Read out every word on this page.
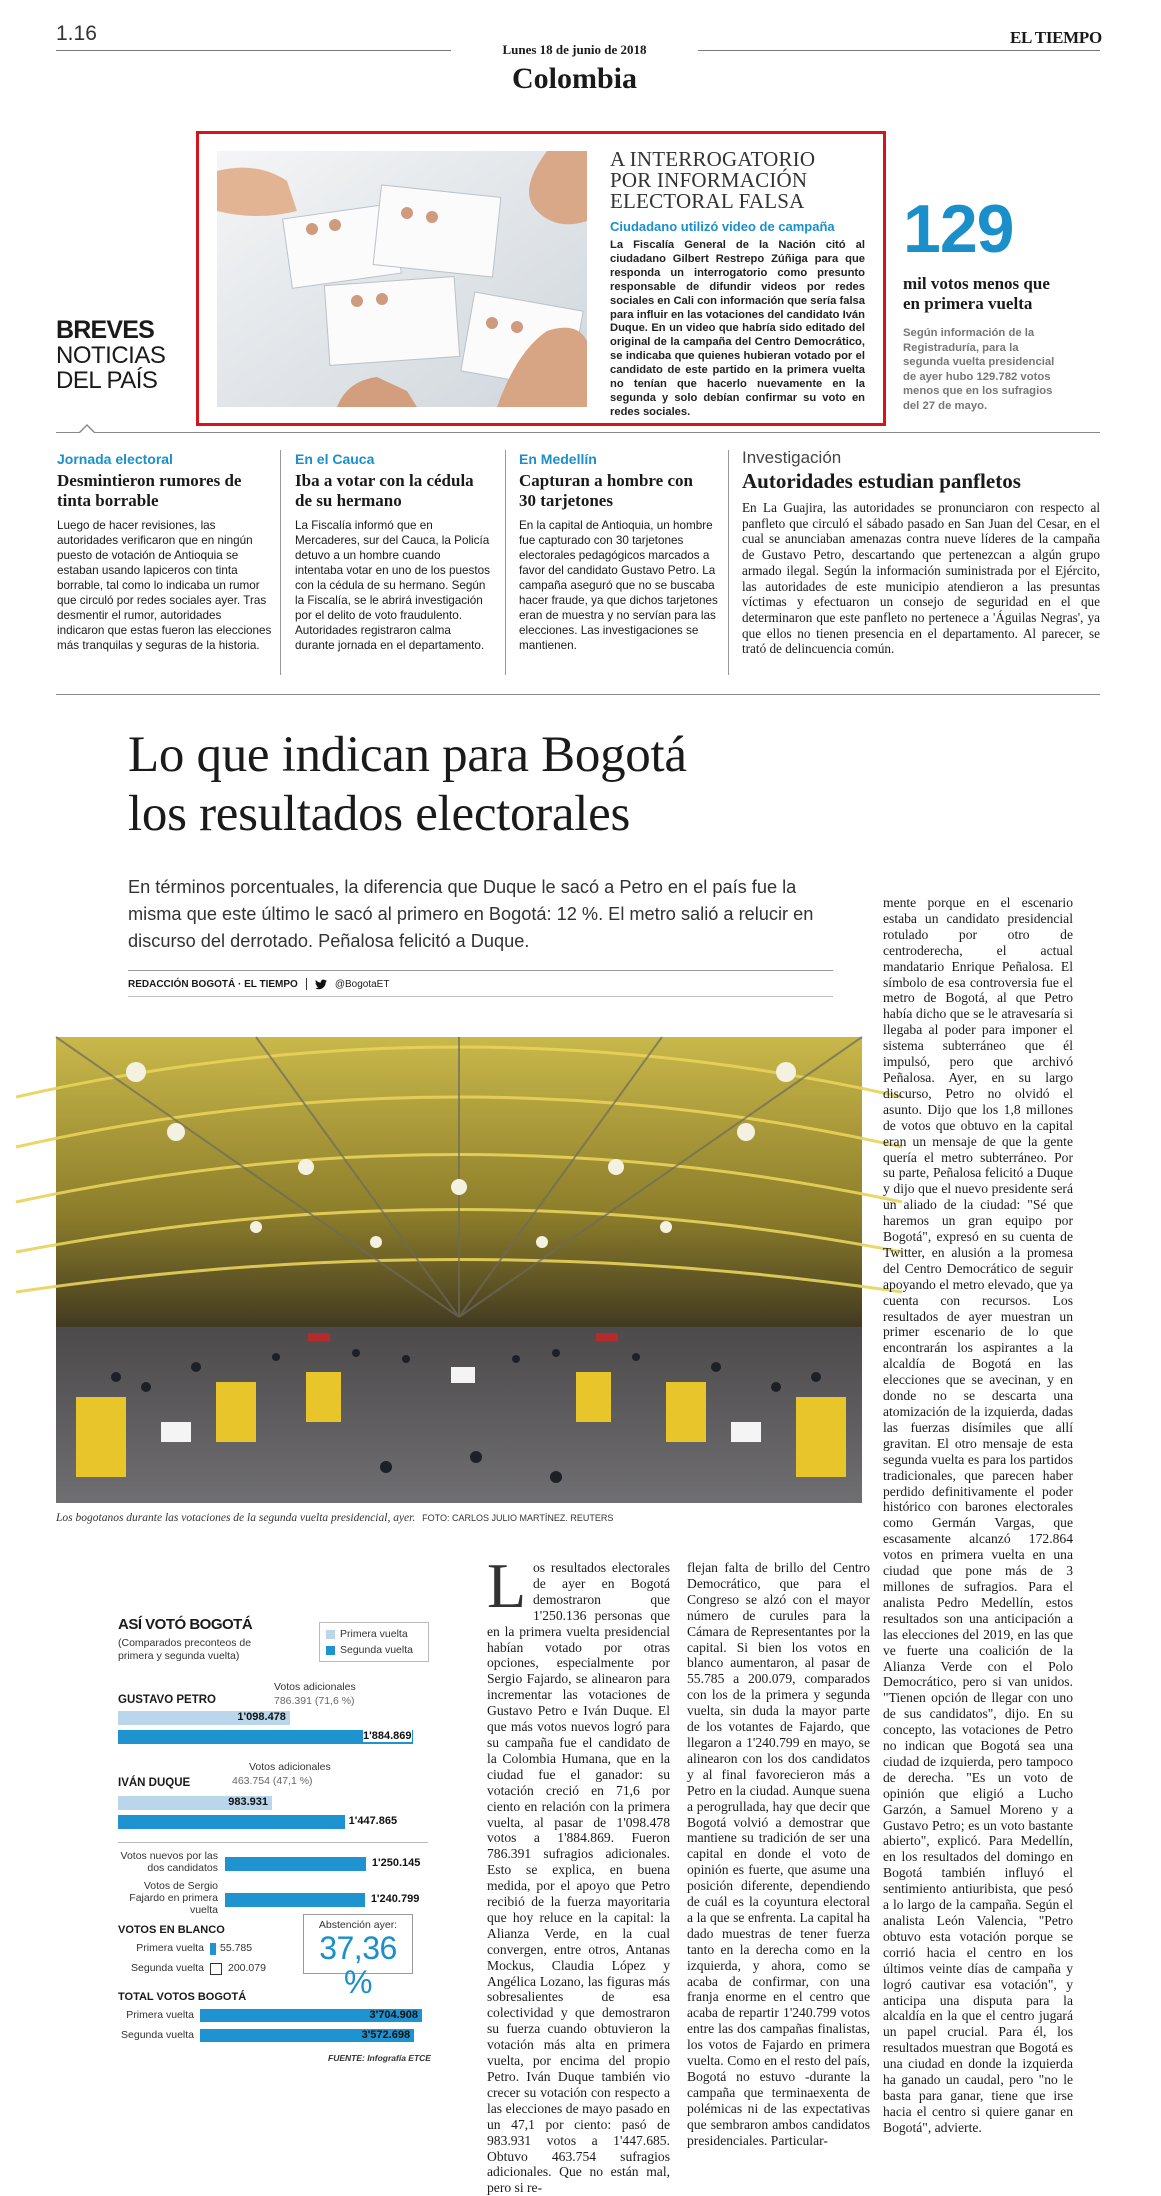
1.16	EL TIEMPO
Lunes 18 de junio de 2018
Colombia
BREVES
NOTICIAS
DEL PAÍS
A INTERROGATORIO
POR INFORMACIÓN
ELECTORAL FALSA
Ciudadano utilizó video de campaña
La Fiscalía General de la Nación citó al ciudadano Gilbert Restrepo Zúñiga para que responda un interrogatorio como presunto responsable de difundir videos por redes sociales en Cali con información que sería falsa para influir en las votaciones del candidato Iván Duque. En un video que habría sido editado del original de la campaña del Centro Democrático, se indicaba que quienes hubieran votado por el candidato de este partido en la primera vuelta no tenían que hacerlo nuevamente en la segunda y solo debían confirmar su voto en redes sociales.
129
mil votos menos que
en primera vuelta
Según información de la Registraduría, para la segunda vuelta presidencial de ayer hubo 129.782 votos menos que en los sufragios del 27 de mayo.
Jornada electoral
Desmintieron rumores de tinta borrable
Luego de hacer revisiones, las autoridades verificaron que en ningún puesto de votación de Antioquia se estaban usando lapiceros con tinta borrable, tal como lo indicaba un rumor que circuló por redes sociales ayer. Tras desmentir el rumor, autoridades indicaron que estas fueron las elecciones más tranquilas y seguras de la historia.
En el Cauca
Iba a votar con la cédula de su hermano
La Fiscalía informó que en Mercaderes, sur del Cauca, la Policía detuvo a un hombre cuando intentaba votar en uno de los puestos con la cédula de su hermano. Según la Fiscalía, se le abrirá investigación por el delito de voto fraudulento. Autoridades registraron calma durante jornada en el departamento.
En Medellín
Capturan a hombre con 30 tarjetones
En la capital de Antioquia, un hombre fue capturado con 30 tarjetones electorales pedagógicos marcados a favor del candidato Gustavo Petro. La campaña aseguró que no se buscaba hacer fraude, ya que dichos tarjetones eran de muestra y no servían para las elecciones. Las investigaciones se mantienen.
Investigación
Autoridades estudian panfletos
En La Guajira, las autoridades se pronunciaron con respecto al panfleto que circuló el sábado pasado en San Juan del Cesar, en el cual se anunciaban amenazas contra nueve líderes de la campaña de Gustavo Petro, descartando que pertenezcan a algún grupo armado ilegal. Según la información suministrada por el Ejército, las autoridades de este municipio atendieron a las presuntas víctimas y efectuaron un consejo de seguridad en el que determinaron que este panfleto no pertenece a 'Águilas Negras', ya que ellos no tienen presencia en el departamento. Al parecer, se trató de delincuencia común.
Lo que indican para Bogotá
los resultados electorales
En términos porcentuales, la diferencia que Duque le sacó a Petro en el país fue la misma que este último le sacó al primero en Bogotá: 12 %. El metro salió a relucir en discurso del derrotado. Peñalosa felicitó a Duque.
REDACCIÓN BOGOTÁ · EL TIEMPO	@BogotaET
Los bogotanos durante las votaciones de la segunda vuelta presidencial, ayer. FOTO: CARLOS JULIO MARTÍNEZ. REUTERS
ASÍ VOTÓ BOGOTÁ
(Comparados preconteos de primera y segunda vuelta)
Primera vuelta
Segunda vuelta
Votos adicionales
786.391 (71,6 %)
GUSTAVO PETRO
1'098.478
1'884.869
Votos adicionales
463.754 (47,1 %)
IVÁN DUQUE
983.931
1'447.865
Votos nuevos por las dos candidatos	1'250.145
Votos de Sergio Fajardo en primera vuelta
1'240.799
VOTOS EN BLANCO
Primera vuelta 55.785
Segunda vuelta 200.079
Abstención ayer:
37,36 %
TOTAL VOTOS BOGOTÁ
Primera vuelta	3'704.908
Segunda vuelta	3'572.698
FUENTE: Infografía ETCE
L os resultados electorales de ayer en Bogotá demostraron que 1'250.136 personas que en la primera vuelta presidencial habían votado por otras opciones, especialmente por Sergio Fajardo, se alinearon para incrementar las votaciones de Gustavo Petro e Iván Duque. El que más votos nuevos logró para su campaña fue el candidato de la Colombia Humana, que en la ciudad fue el ganador: su votación creció en 71,6 por ciento en relación con la primera vuelta, al pasar de 1'098.478 votos a 1'884.869. Fueron 786.391 sufragios adicionales. Esto se explica, en buena medida, por el apoyo que Petro recibió de la fuerza mayoritaria que hoy reluce en la capital: la Alianza Verde, en la cual convergen, entre otros, Antanas Mockus, Claudia López y Angélica Lozano, las figuras más sobresalientes de esa colectividad y que demostraron su fuerza cuando obtuvieron la votación más alta en primera vuelta, por encima del propio Petro. Iván Duque también vio crecer su votación con respecto a las elecciones de mayo pasado en un 47,1 por ciento: pasó de 983.931 votos a 1'447.685. Obtuvo 463.754 sufragios adicionales. Que no están mal, pero si re-
flejan falta de brillo del Centro Democrático, que para el Congreso se alzó con el mayor número de curules para la Cámara de Representantes por la capital. Si bien los votos en blanco aumentaron, al pasar de 55.785 a 200.079, comparados con los de la primera y segunda vuelta, sin duda la mayor parte de los votantes de Fajardo, que llegaron a 1'240.799 en mayo, se alinearon con los dos candidatos y al final favorecieron más a Petro en la ciudad. Aunque suena a perogrullada, hay que decir que Bogotá volvió a demostrar que mantiene su tradición de ser una capital en donde el voto de opinión es fuerte, que asume una posición diferente, dependiendo de cuál es la coyuntura electoral a la que se enfrenta. La capital ha dado muestras de tener fuerza tanto en la derecha como en la izquierda, y ahora, como se acaba de confirmar, con una franja enorme en el centro que acaba de repartir 1'240.799 votos entre las dos campañas finalistas, los votos de Fajardo en primera vuelta. Como en el resto del país, Bogotá no estuvo -durante la campaña que terminaexenta de polémicas ni de las expectativas que sembraron ambos candidatos presidenciales. Particular-
mente porque en el escenario estaba un candidato presidencial rotulado por otro de centroderecha, el actual mandatario Enrique Peñalosa. El símbolo de esa controversia fue el metro de Bogotá, al que Petro había dicho que se le atravesaría si llegaba al poder para imponer el sistema subterráneo que él impulsó, pero que archivó Peñalosa. Ayer, en su largo discurso, Petro no olvidó el asunto. Dijo que los 1,8 millones de votos que obtuvo en la capital eran un mensaje de que la gente quería el metro subterráneo. Por su parte, Peñalosa felicitó a Duque y dijo que el nuevo presidente será un aliado de la ciudad: "Sé que haremos un gran equipo por Bogotá", expresó en su cuenta de Twitter, en alusión a la promesa del Centro Democrático de seguir apoyando el metro elevado, que ya cuenta con recursos. Los resultados de ayer muestran un primer escenario de lo que encontrarán los aspirantes a la alcaldía de Bogotá en las elecciones que se avecinan, y en donde no se descarta una atomización de la izquierda, dadas las fuerzas disímiles que allí gravitan. El otro mensaje de esta segunda vuelta es para los partidos tradicionales, que parecen haber perdido definitivamente el poder histórico con barones electorales como Germán Vargas, que escasamente alcanzó 172.864 votos en primera vuelta en una ciudad que pone más de 3 millones de sufragios. Para el analista Pedro Medellín, estos resultados son una anticipación a las elecciones del 2019, en las que ve fuerte una coalición de la Alianza Verde con el Polo Democrático, pero si van unidos. "Tienen opción de llegar con uno de sus candidatos", dijo. En su concepto, las votaciones de Petro no indican que Bogotá sea una ciudad de izquierda, pero tampoco de derecha. "Es un voto de opinión que eligió a Lucho Garzón, a Samuel Moreno y a Gustavo Petro; es un voto bastante abierto", explicó. Para Medellín, en los resultados del domingo en Bogotá también influyó el sentimiento antiuribista, que pesó a lo largo de la campaña. Según el analista León Valencia, "Petro obtuvo esta votación porque se corrió hacia el centro en los últimos veinte días de campaña y logró cautivar esa votación", y anticipa una disputa para la alcaldía en la que el centro jugará un papel crucial. Para él, los resultados muestran que Bogotá es una ciudad en donde la izquierda ha ganado un caudal, pero "no le basta para ganar, tiene que irse hacia el centro si quiere ganar en Bogotá", advierte.
